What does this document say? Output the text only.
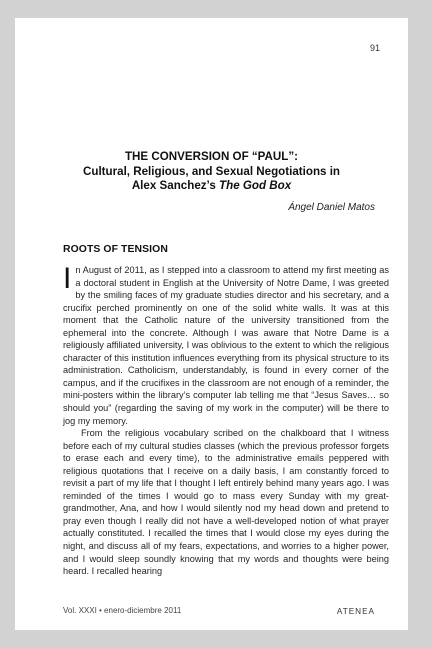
91
THE CONVERSION OF “PAUL”:
Cultural, Religious, and Sexual Negotiations in
Alex Sanchez’s The God Box
Ángel Daniel Matos
ROOTS OF TENSION

In August of 2011, as I stepped into a classroom to attend my first meeting as a doctoral student in English at the University of Notre Dame, I was greeted by the smiling faces of my graduate studies director and his secretary, and a crucifix perched prominently on one of the solid white walls. It was at this moment that the Catholic nature of the university transitioned from the ephemeral into the concrete. Although I was aware that Notre Dame is a religiously affiliated university, I was oblivious to the extent to which the religious character of this institution influences everything from its physical structure to its administration. Catholicism, understandably, is found in every corner of the campus, and if the crucifixes in the classroom are not enough of a reminder, the mini-posters within the library’s computer lab telling me that “Jesus Saves… so should you” (regarding the saving of my work in the computer) will be there to jog my memory.

From the religious vocabulary scribed on the chalkboard that I witness before each of my cultural studies classes (which the previous professor forgets to erase each and every time), to the administrative emails peppered with religious quotations that I receive on a daily basis, I am constantly forced to revisit a part of my life that I thought I left entirely behind many years ago. I was reminded of the times I would go to mass every Sunday with my great-grandmother, Ana, and how I would silently nod my head down and pretend to pray even though I really did not have a well-developed notion of what prayer actually constituted. I recalled the times that I would close my eyes during the night, and discuss all of my fears, expectations, and worries to a higher power, and I would sleep soundly knowing that my words and thoughts were being heard. I recalled hearing

Vol. XXXI • enero-diciembre 2011	ATENEA
